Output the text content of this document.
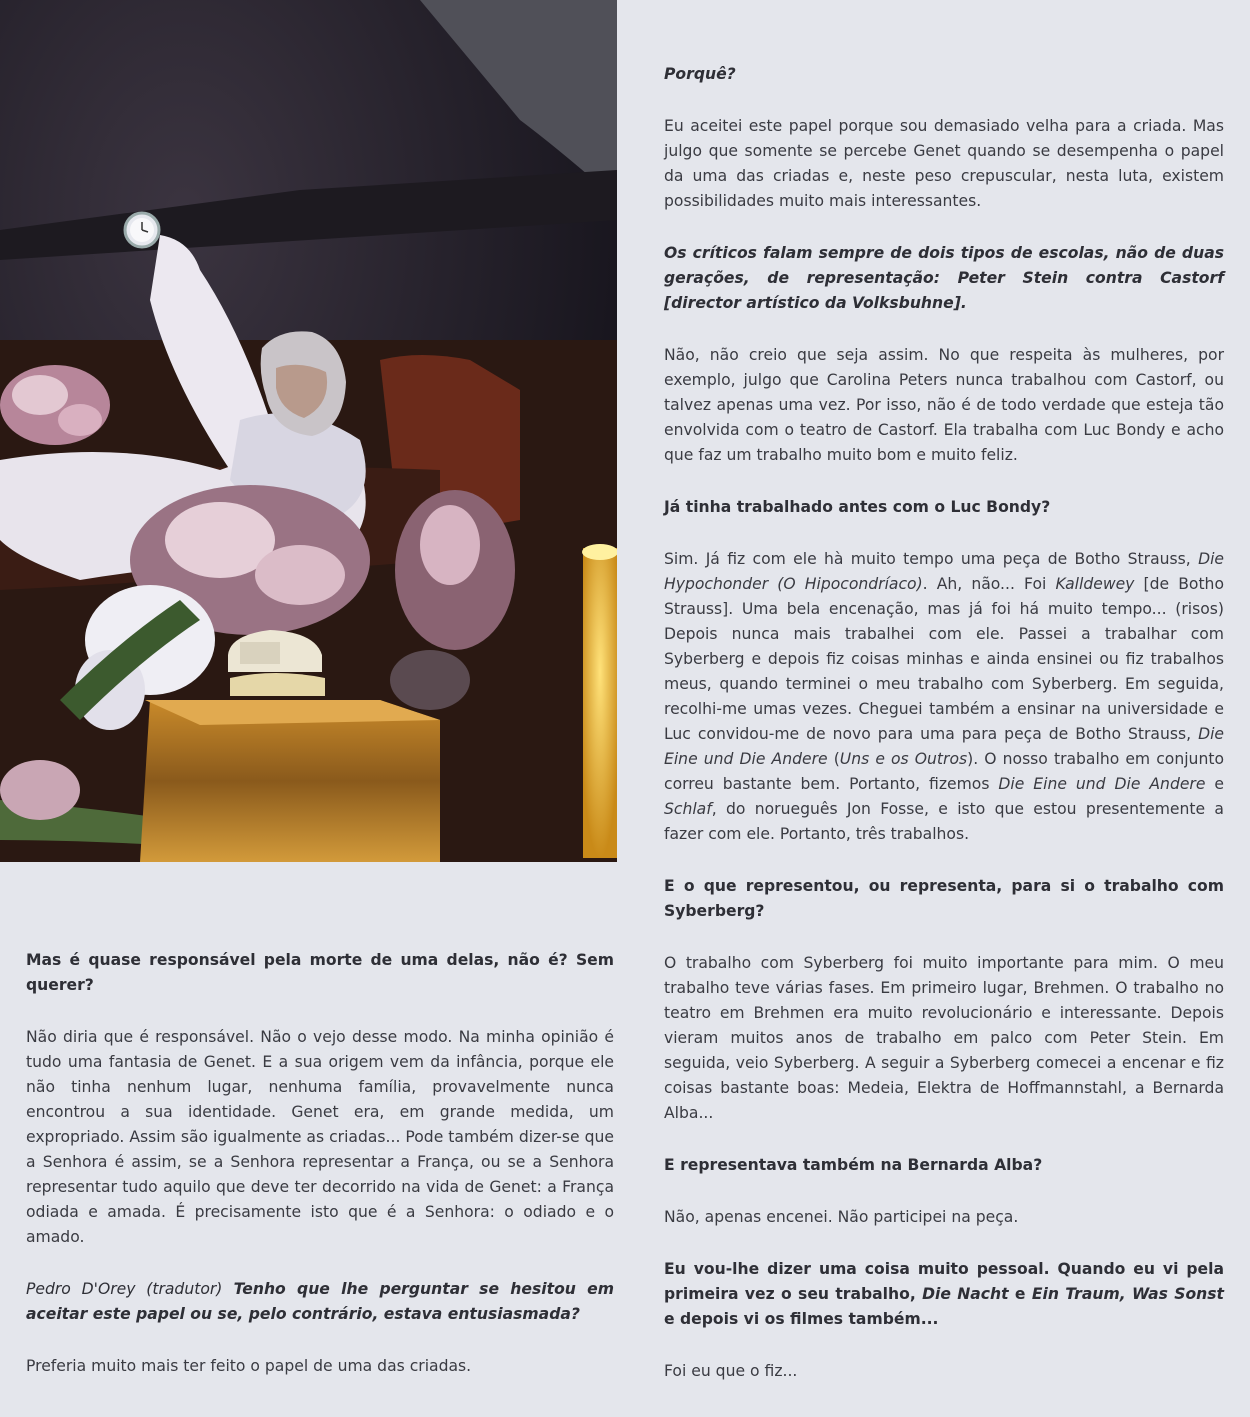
Porquê?

Eu aceitei este papel porque sou demasiado velha para a criada. Mas julgo que somente se percebe Genet quando se desempenha o papel da uma das criadas e, neste peso crepuscular, nesta luta, existem possibilidades muito mais interessantes.

Os críticos falam sempre de dois tipos de escolas, não de duas gerações, de representação: Peter Stein contra Castorf [director artístico da Volksbuhne].

Não, não creio que seja assim. No que respeita às mulheres, por exemplo, julgo que Carolina Peters nunca trabalhou com Castorf, ou talvez apenas uma vez. Por isso, não é de todo verdade que esteja tão envolvida com o teatro de Castorf. Ela trabalha com Luc Bondy e acho que faz um trabalho muito bom e muito feliz.

Já tinha trabalhado antes com o Luc Bondy?

Sim. Já fiz com ele hà muito tempo uma peça de Botho Strauss, Die Hypochonder (O Hipocondríaco). Ah, não... Foi Kalldewey [de Botho Strauss]. Uma bela encenação, mas já foi há muito tempo... (risos) Depois nunca mais trabalhei com ele. Passei a trabalhar com Syberberg e depois fiz coisas minhas e ainda ensinei ou fiz trabalhos meus, quando terminei o meu trabalho com Syberberg. Em seguida, recolhi-me umas vezes. Cheguei também a ensinar na universidade e Luc convidou-me de novo para uma para peça de Botho Strauss, Die Eine und Die Andere (Uns e os Outros). O nosso trabalho em conjunto correu bastante bem. Portanto, fizemos Die Eine und Die Andere e Schlaf, do norueguês Jon Fosse, e isto que estou presentemente a fazer com ele. Portanto, três trabalhos.

E o que representou, ou representa, para si o trabalho com Syberberg?

O trabalho com Syberberg foi muito importante para mim. O meu trabalho teve várias fases. Em primeiro lugar, Brehmen. O trabalho no teatro em Brehmen era muito revolucionário e interessante. Depois vieram muitos anos de trabalho em palco com Peter Stein. Em seguida, veio Syberberg. A seguir a Syberberg comecei a encenar e fiz coisas bastante boas: Medeia, Elektra de Hoffmannstahl, a Bernarda Alba...

E representava também na Bernarda Alba?

Não, apenas encenei. Não participei na peça.

Eu vou-lhe dizer uma coisa muito pessoal. Quando eu vi pela primeira vez o seu trabalho, Die Nacht e Ein Traum, Was Sonst e depois vi os filmes também...

Foi eu que o fiz...

Mas é quase responsável pela morte de uma delas, não é? Sem querer?

Não diria que é responsável. Não o vejo desse modo. Na minha opinião é tudo uma fantasia de Genet. E a sua origem vem da infância, porque ele não tinha nenhum lugar, nenhuma família, provavelmente nunca encontrou a sua identidade. Genet era, em grande medida, um expropriado. Assim são igualmente as criadas... Pode também dizer-se que a Senhora é assim, se a Senhora representar a França, ou se a Senhora representar tudo aquilo que deve ter decorrido na vida de Genet: a França odiada e amada. É precisamente isto que é a Senhora: o odiado e o amado.

Pedro D'Orey (tradutor) Tenho que lhe perguntar se hesitou em aceitar este papel ou se, pelo contrário, estava entusiasmada?

Preferia muito mais ter feito o papel de uma das criadas.
